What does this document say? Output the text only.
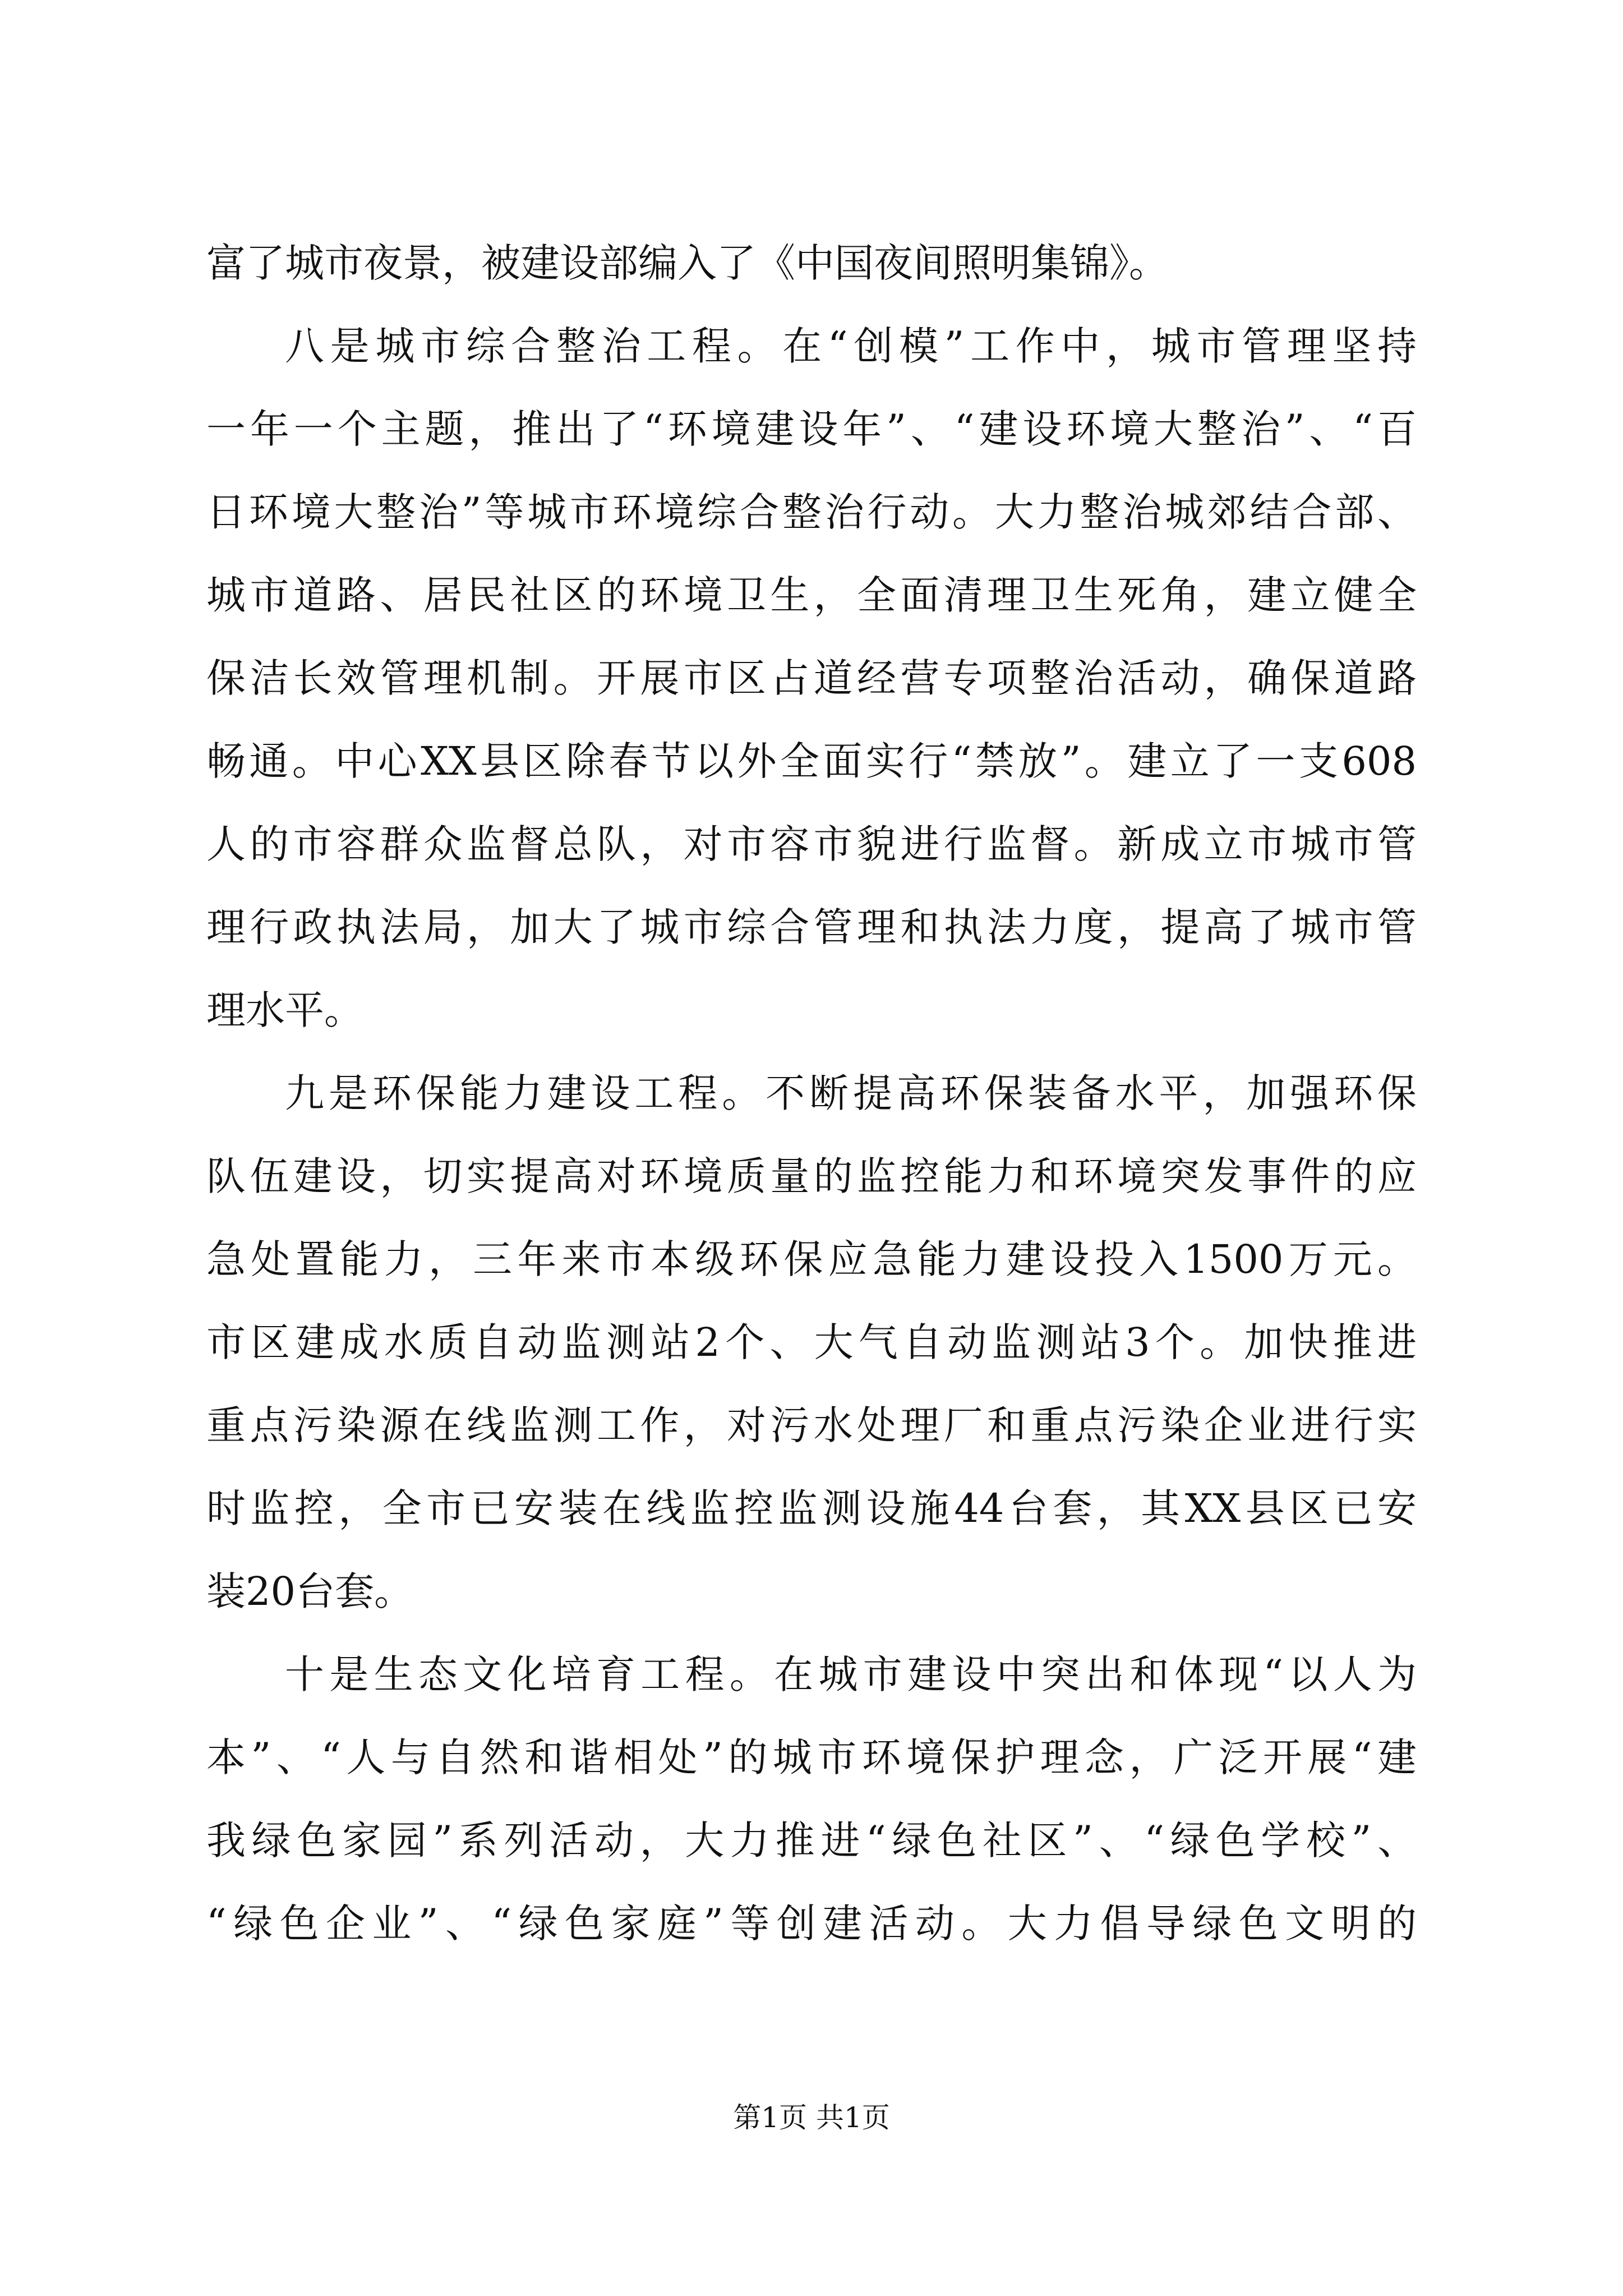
富了城市夜景，被建设部编入了《中国夜间照明集锦》。
八是城市综合整治工程。在“创模”工作中，城市管理坚持
一年一个主题，推出了“环境建设年”、“建设环境大整治”、“百
日环境大整治”等城市环境综合整治行动。大力整治城郊结合部、
城市道路、居民社区的环境卫生，全面清理卫生死角，建立健全
保洁长效管理机制。开展市区占道经营专项整治活动，确保道路
畅通。中心XX县区除春节以外全面实行“禁放”。建立了一支608
人的市容群众监督总队，对市容市貌进行监督。新成立市城市管
理行政执法局，加大了城市综合管理和执法力度，提高了城市管
理水平。
九是环保能力建设工程。不断提高环保装备水平，加强环保
队伍建设，切实提高对环境质量的监控能力和环境突发事件的应
急处置能力，三年来市本级环保应急能力建设投入1500万元。
市区建成水质自动监测站2个、大气自动监测站3个。加快推进
重点污染源在线监测工作，对污水处理厂和重点污染企业进行实
时监控，全市已安装在线监控监测设施44台套，其XX县区已安
装20台套。
十是生态文化培育工程。在城市建设中突出和体现“以人为
本”、“人与自然和谐相处”的城市环境保护理念，广泛开展“建
我绿色家园”系列活动，大力推进“绿色社区”、“绿色学校”、
“绿色企业”、“绿色家庭”等创建活动。大力倡导绿色文明的
第1页 共1页
